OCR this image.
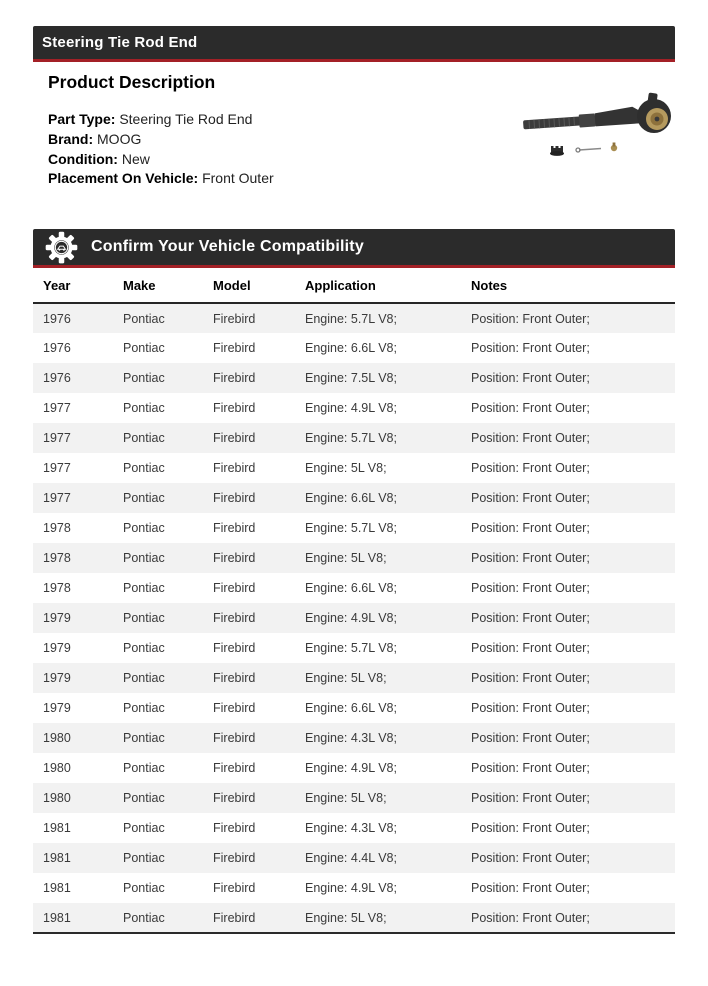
Steering Tie Rod End
Product Description
Part Type: Steering Tie Rod End
Brand: MOOG
Condition: New
Placement On Vehicle: Front Outer
Confirm Your Vehicle Compatibility
Year	Make	Model	Application	Notes
1976	Pontiac	Firebird	Engine: 5.7L V8;	Position: Front Outer;
1976	Pontiac	Firebird	Engine: 6.6L V8;	Position: Front Outer;
1976	Pontiac	Firebird	Engine: 7.5L V8;	Position: Front Outer;
1977	Pontiac	Firebird	Engine: 4.9L V8;	Position: Front Outer;
1977	Pontiac	Firebird	Engine: 5.7L V8;	Position: Front Outer;
1977	Pontiac	Firebird	Engine: 5L V8;	Position: Front Outer;
1977	Pontiac	Firebird	Engine: 6.6L V8;	Position: Front Outer;
1978	Pontiac	Firebird	Engine: 5.7L V8;	Position: Front Outer;
1978	Pontiac	Firebird	Engine: 5L V8;	Position: Front Outer;
1978	Pontiac	Firebird	Engine: 6.6L V8;	Position: Front Outer;
1979	Pontiac	Firebird	Engine: 4.9L V8;	Position: Front Outer;
1979	Pontiac	Firebird	Engine: 5.7L V8;	Position: Front Outer;
1979	Pontiac	Firebird	Engine: 5L V8;	Position: Front Outer;
1979	Pontiac	Firebird	Engine: 6.6L V8;	Position: Front Outer;
1980	Pontiac	Firebird	Engine: 4.3L V8;	Position: Front Outer;
1980	Pontiac	Firebird	Engine: 4.9L V8;	Position: Front Outer;
1980	Pontiac	Firebird	Engine: 5L V8;	Position: Front Outer;
1981	Pontiac	Firebird	Engine: 4.3L V8;	Position: Front Outer;
1981	Pontiac	Firebird	Engine: 4.4L V8;	Position: Front Outer;
1981	Pontiac	Firebird	Engine: 4.9L V8;	Position: Front Outer;
1981	Pontiac	Firebird	Engine: 5L V8;	Position: Front Outer;
